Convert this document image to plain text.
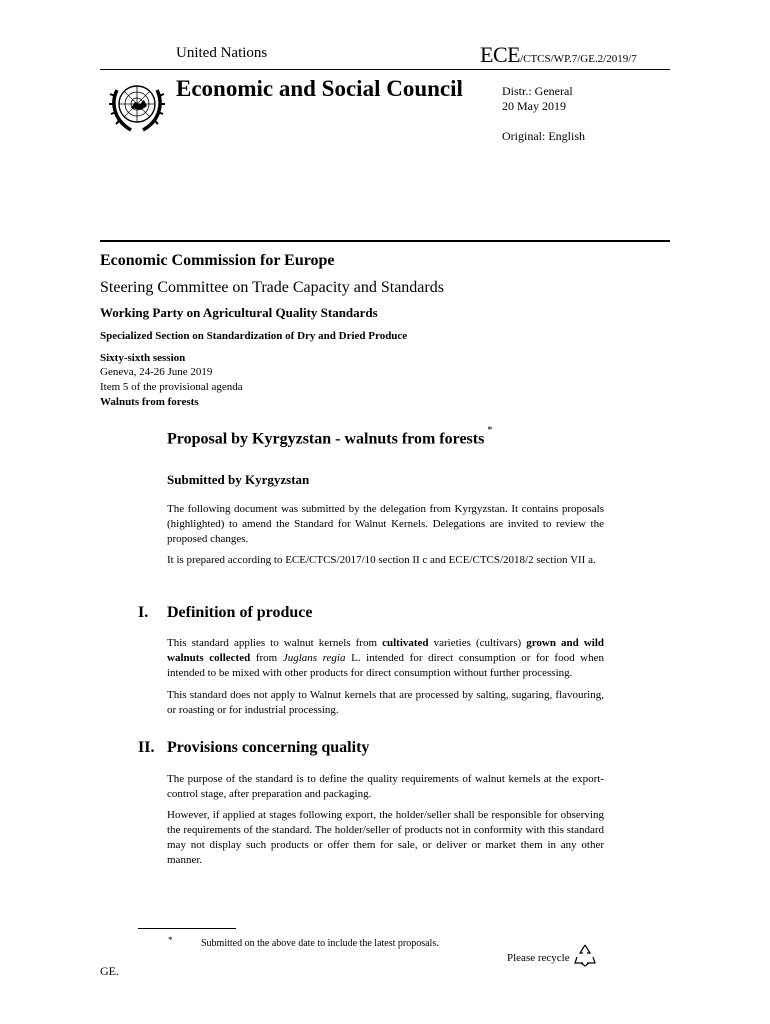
United Nations	ECE/CTCS/WP.7/GE.2/2019/7
Economic and Social Council	Distr.: General
20 May 2019
Original: English
Economic Commission for Europe
Steering Committee on Trade Capacity and Standards
Working Party on Agricultural Quality Standards
Specialized Section on Standardization of Dry and Dried Produce
Sixty-sixth session
Geneva, 24-26 June 2019
Item 5 of the provisional agenda
Walnuts from forests
Proposal by Kyrgyzstan - walnuts from forests *
Submitted by Kyrgyzstan
The following document was submitted by the delegation from Kyrgyzstan. It contains proposals (highlighted) to amend the Standard for Walnut Kernels. Delegations are invited to review the proposed changes.
It is prepared according to ECE/CTCS/2017/10 section II c and ECE/CTCS/2018/2 section VII a.
I. Definition of produce
This standard applies to walnut kernels from cultivated varieties (cultivars) grown and wild walnuts collected from Juglans regia L. intended for direct consumption or for food when intended to be mixed with other products for direct consumption without further processing.
This standard does not apply to Walnut kernels that are processed by salting, sugaring, flavouring, or roasting or for industrial processing.
II. Provisions concerning quality
The purpose of the standard is to define the quality requirements of walnut kernels at the export-control stage, after preparation and packaging.
However, if applied at stages following export, the holder/seller shall be responsible for observing the requirements of the standard. The holder/seller of products not in conformity with this standard may not display such products or offer them for sale, or deliver or market them in any other manner.
*	Submitted on the above date to include the latest proposals.
Please recycle
GE.
